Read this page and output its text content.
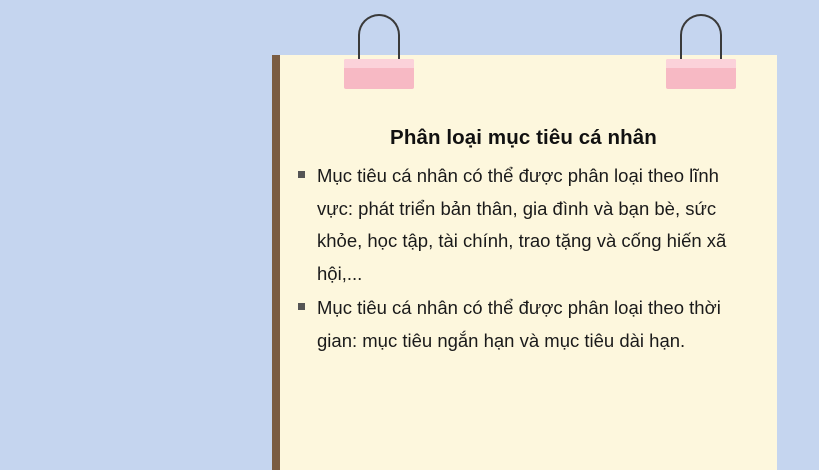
Phân loại mục tiêu cá nhân
Mục tiêu cá nhân có thể được phân loại theo lĩnh vực: phát triển bản thân, gia đình và bạn bè, sức khỏe, học tập, tài chính, trao tặng và cống hiến xã hội,...
Mục tiêu cá nhân có thể được phân loại theo thời gian: mục tiêu ngắn hạn và mục tiêu dài hạn.
